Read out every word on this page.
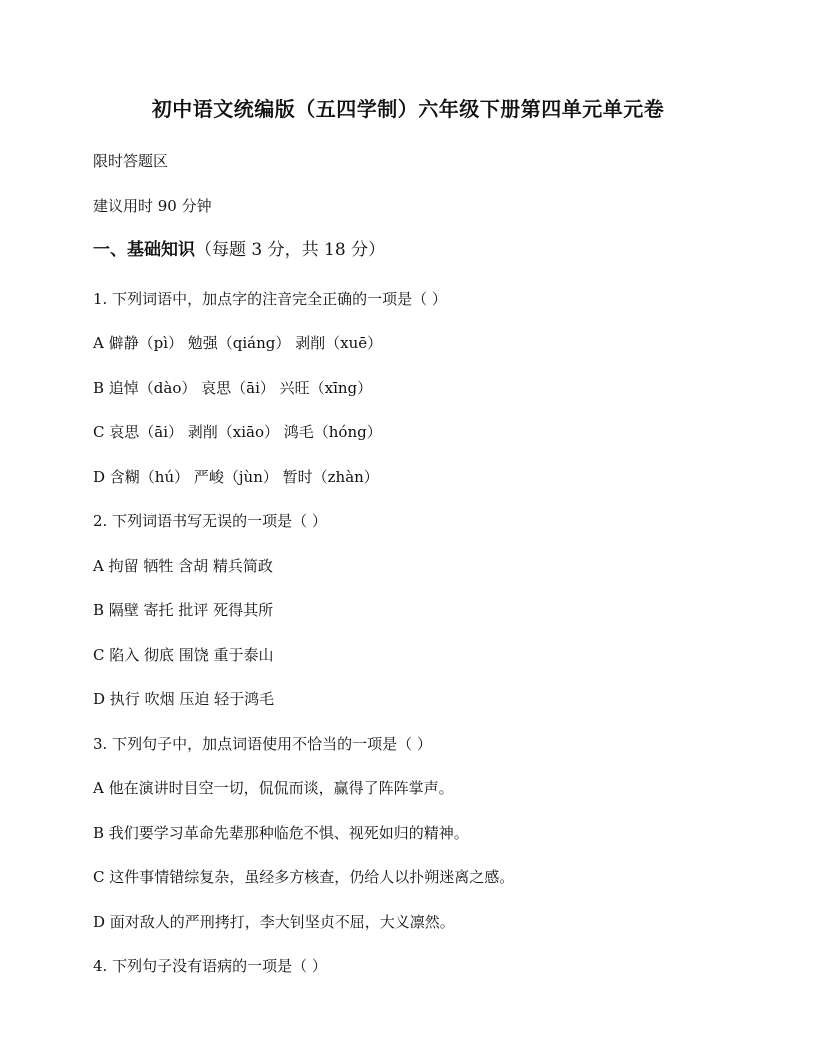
初中语文统编版（五四学制）六年级下册第四单元单元卷
限时答题区
建议用时 90 分钟
一、基础知识（每题 3 分，共 18 分）
1. 下列词语中，加点字的注音完全正确的一项是（ ）
A 僻静（pì） 勉强（qiáng） 剥削（xuē）
B 追悼（dào） 哀思（āi） 兴旺（xīng）
C 哀思（āi） 剥削（xiāo） 鸿毛（hóng）
D 含糊（hú） 严峻（jùn） 暂时（zhàn）
2. 下列词语书写无误的一项是（ ）
A 拘留 牺牲 含胡 精兵简政
B 隔壁 寄托 批评 死得其所
C 陷入 彻底 围饶 重于泰山
D 执行 吹烟 压迫 轻于鸿毛
3. 下列句子中，加点词语使用不恰当的一项是（ ）
A 他在演讲时目空一切，侃侃而谈，赢得了阵阵掌声。
B 我们要学习革命先辈那种临危不惧、视死如归的精神。
C 这件事情错综复杂，虽经多方核查，仍给人以扑朔迷离之感。
D 面对敌人的严刑拷打，李大钊坚贞不屈，大义凛然。
4. 下列句子没有语病的一项是（ ）
